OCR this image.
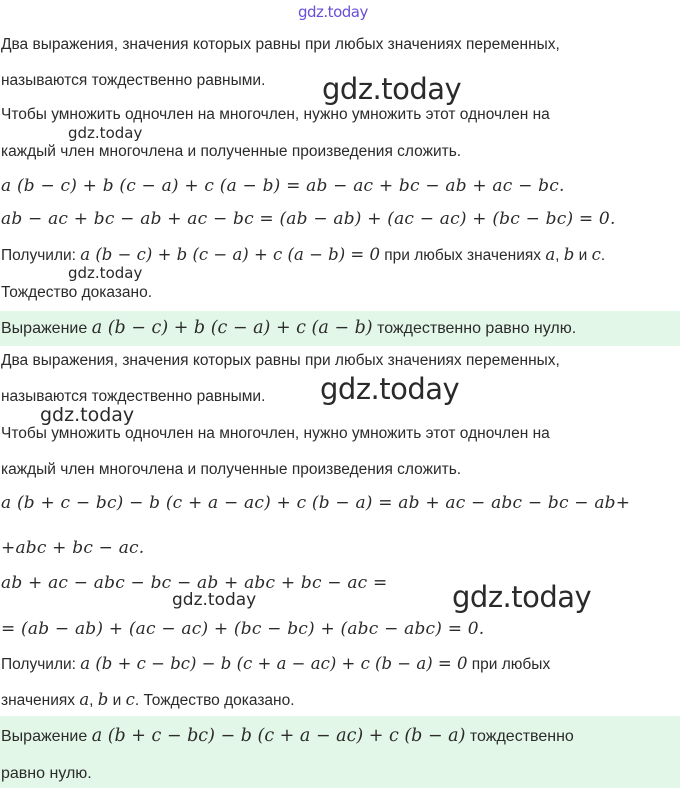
gdz.today
gdz.today
gdz.today
gdz.today
gdz.today
gdz.today
gdz.today
gdz.today
Два выражения, значения которых равны при любых значениях переменных,
называются тождественно равными.
Чтобы умножить одночлен на многочлен, нужно умножить этот одночлен на
каждый член многочлена и полученные произведения сложить.
a (b − c) + b (c − a) + c (a − b) = ab − ac + bc − ab + ac − bc.
ab − ac + bc − ab + ac − bc = (ab − ab) + (ac − ac) + (bc − bc) = 0.
Получили: a (b − c) + b (c − a) + c (a − b) = 0 при любых значениях a, b и c.
Тождество доказано.
Выражение a (b − c) + b (c − a) + c (a − b) тождественно равно нулю.
Два выражения, значения которых равны при любых значениях переменных,
называются тождественно равными.
Чтобы умножить одночлен на многочлен, нужно умножить этот одночлен на
каждый член многочлена и полученные произведения сложить.
a (b + c − bc) − b (c + a − ac) + c (b − a) = ab + ac − abc − bc − ab+
+abc + bc − ac.
ab + ac − abc − bc − ab + abc + bc − ac =
= (ab − ab) + (ac − ac) + (bc − bc) + (abc − abc) = 0.
Получили: a (b + c − bc) − b (c + a − ac) + c (b − a) = 0 при любых
значениях a, b и c. Тождество доказано.
Выражение a (b + c − bc) − b (c + a − ac) + c (b − a) тождественно
равно нулю.
